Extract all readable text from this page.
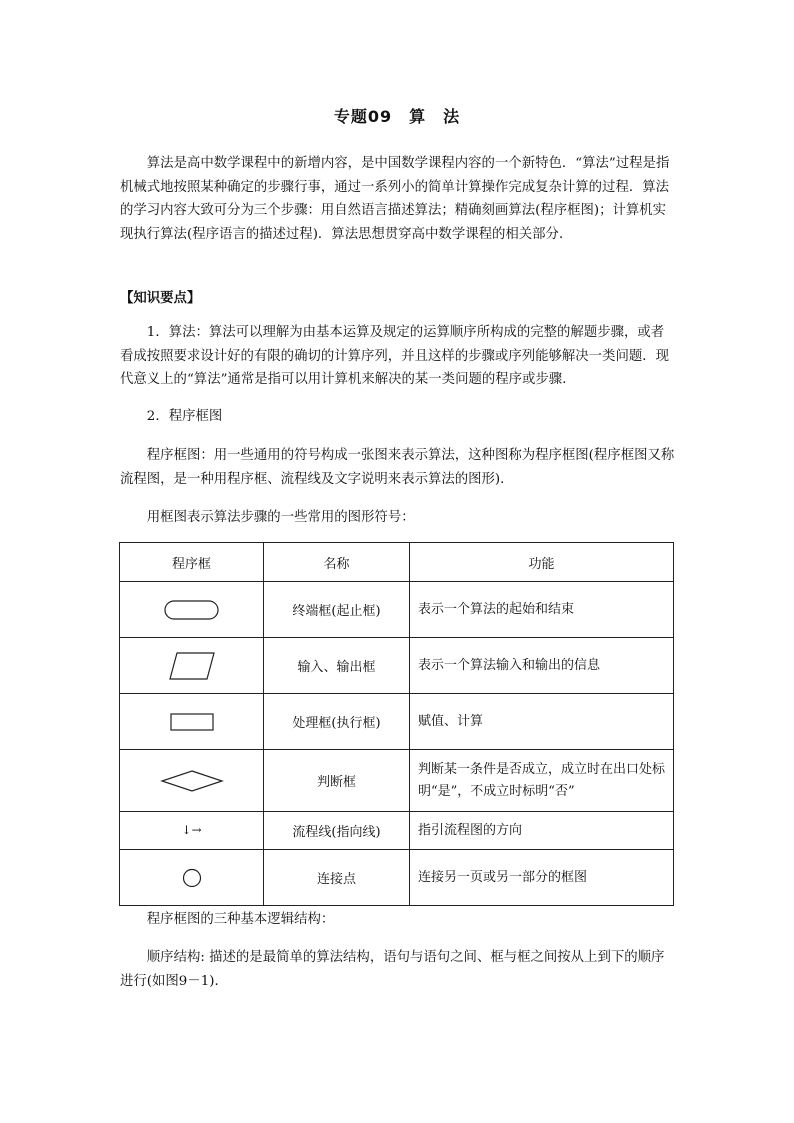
专题09　算　法

算法是高中数学课程中的新增内容，是中国数学课程内容的一个新特色．“算法”过程是指机械式地按照某种确定的步骤行事，通过一系列小的简单计算操作完成复杂计算的过程．算法的学习内容大致可分为三个步骤：用自然语言描述算法；精确刻画算法(程序框图)；计算机实现执行算法(程序语言的描述过程)．算法思想贯穿高中数学课程的相关部分．

【知识要点】

1．算法：算法可以理解为由基本运算及规定的运算顺序所构成的完整的解题步骤，或者看成按照要求设计好的有限的确切的计算序列，并且这样的步骤或序列能够解决一类问题．现代意义上的“算法”通常是指可以用计算机来解决的某一类问题的程序或步骤．

2．程序框图

程序框图：用一些通用的符号构成一张图来表示算法，这种图称为程序框图(程序框图又称流程图，是一种用程序框、流程线及文字说明来表示算法的图形)．

用框图表示算法步骤的一些常用的图形符号：

程序框	名称	功能

	终端框(起止框)	表示一个算法的起始和结束

	输入、输出框	表示一个算法输入和输出的信息

	处理框(执行框)	赋值、计算

	判断框	判断某一条件是否成立，成立时在出口处标明“是”，不成立时标明“否”
↓→	流程线(指向线)	指引流程图的方向

	连接点	连接另一页或另一部分的框图

程序框图的三种基本逻辑结构：

顺序结构: 描述的是最简单的算法结构，语句与语句之间、框与框之间按从上到下的顺序进行(如图9－1)．
